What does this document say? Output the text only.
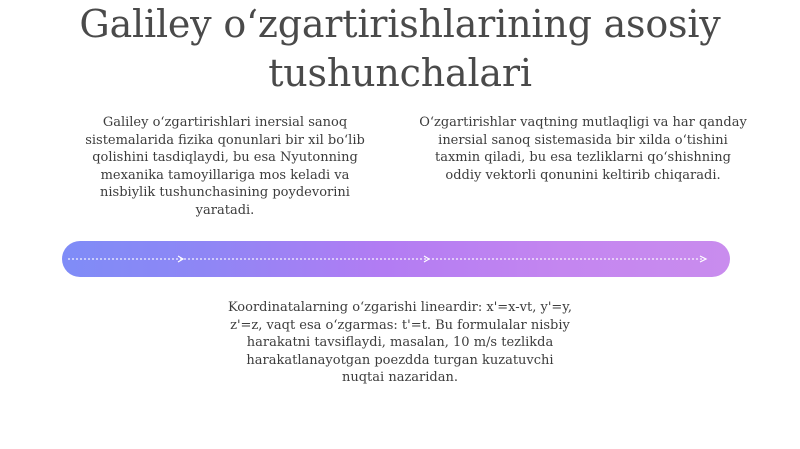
Galiley o‘zgartirishlarining asosiy tushunchalari

Galiley o‘zgartirishlari inersial sanoq sistemalarida fizika qonunlari bir xil bo‘lib qolishini tasdiqlaydi, bu esa Nyutonning mexanika tamoyillariga mos keladi va nisbiylik tushunchasining poydevorini yaratadi.

O‘zgartirishlar vaqtning mutlaqligi va har qanday inersial sanoq sistemasida bir xilda o‘tishini taxmin qiladi, bu esa tezliklarni qo‘shishning oddiy vektorli qonunini keltirib chiqaradi.

Koordinatalarning o‘zgarishi lineardir: x'=x-vt, y'=y, z'=z, vaqt esa o‘zgarmas: t'=t. Bu formulalar nisbiy harakatni tavsiflaydi, masalan, 10 m/s tezlikda harakatlanayotgan poezdda turgan kuzatuvchi nuqtai nazaridan.
